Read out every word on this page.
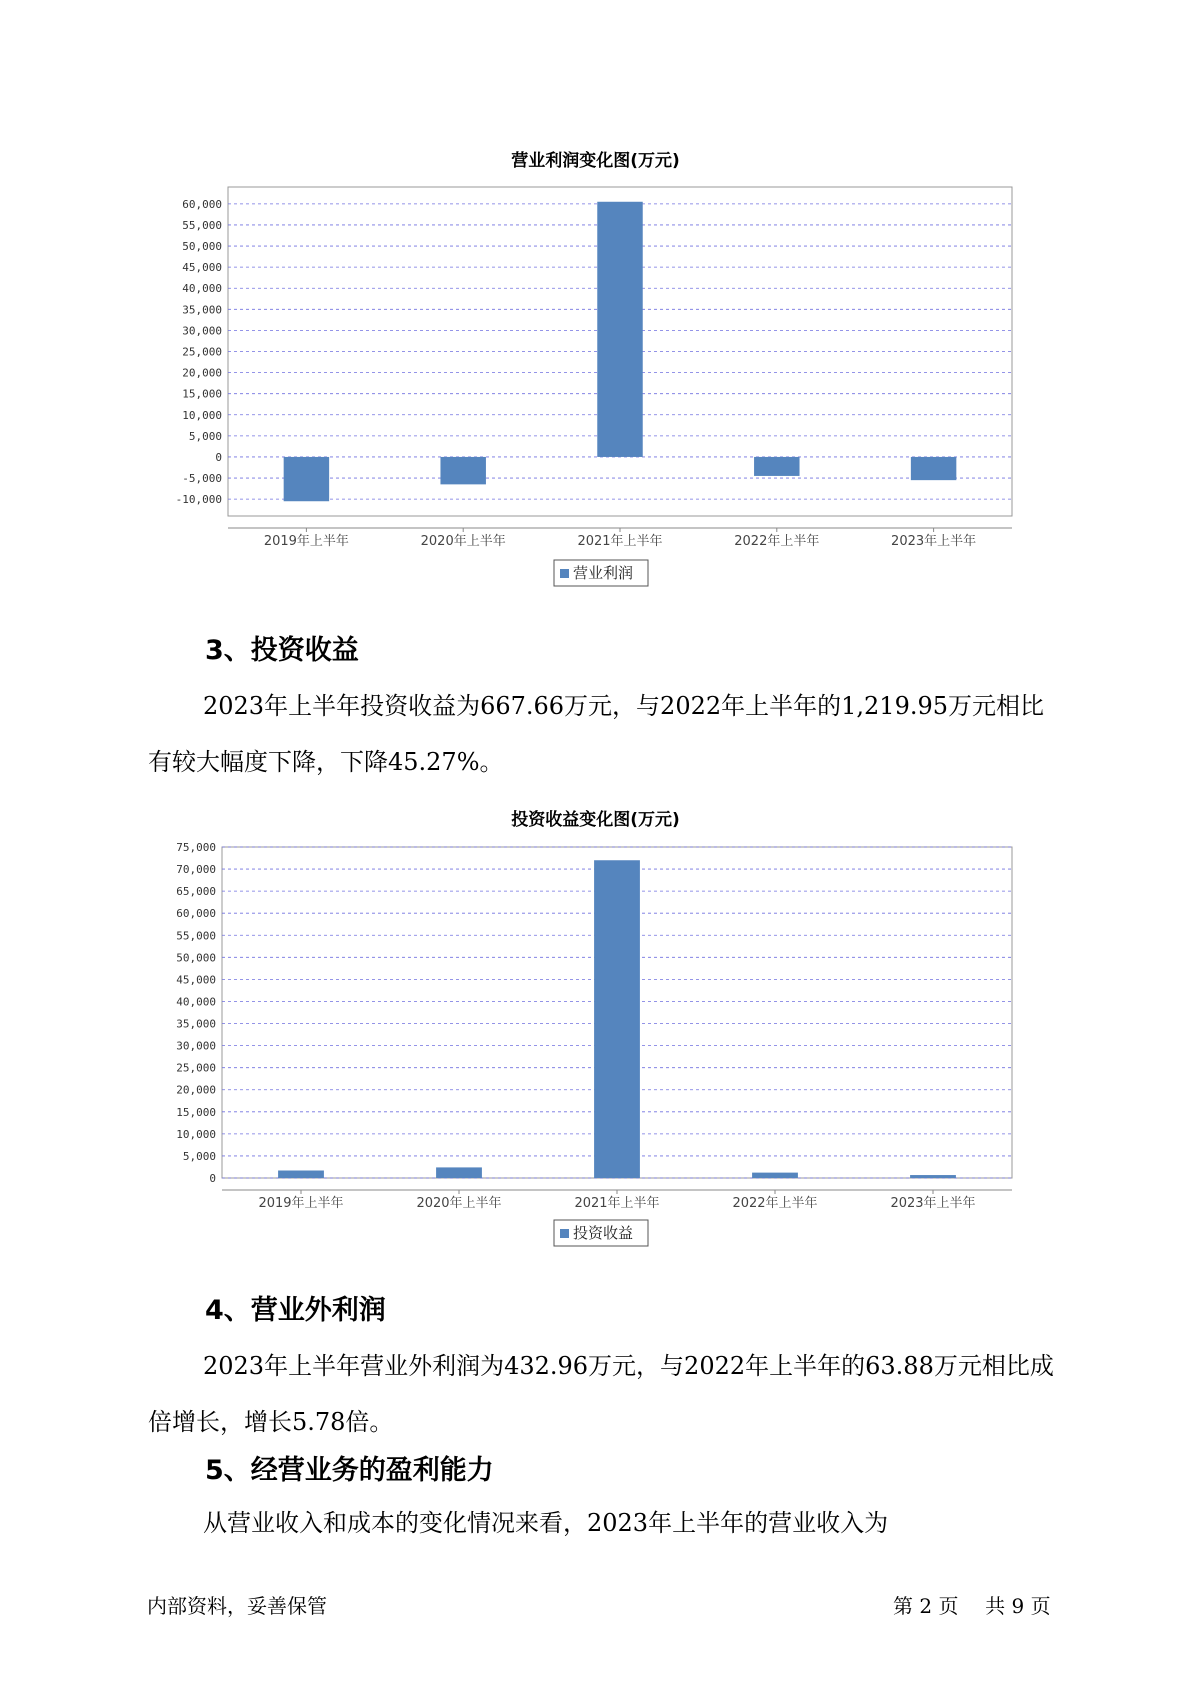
营业利润变化图(万元)
-10,000
-5,000
0
5,000
10,000
15,000
20,000
25,000
30,000
35,000
40,000
45,000
50,000
55,000
60,000
2019年上半年	2020年上半年	2021年上半年	2022年上半年	2023年上半年
营业利润
3、投资收益

2023年上半年投资收益为667.66万元，与2022年上半年的1,219.95万元相比有较大幅度下降，下降45.27%。

投资收益变化图(万元)
0
5,000
10,000
15,000
20,000
25,000
30,000
35,000
40,000
45,000
50,000
55,000
60,000
65,000
70,000
75,000
2019年上半年	2020年上半年	2021年上半年	2022年上半年	2023年上半年
投资收益
4、营业外利润

2023年上半年营业外利润为432.96万元，与2022年上半年的63.88万元相比成倍增长，增长5.78倍。

5、经营业务的盈利能力

从营业收入和成本的变化情况来看，2023年上半年的营业收入为

内部资料，妥善保管	第 2 页 共 9 页
